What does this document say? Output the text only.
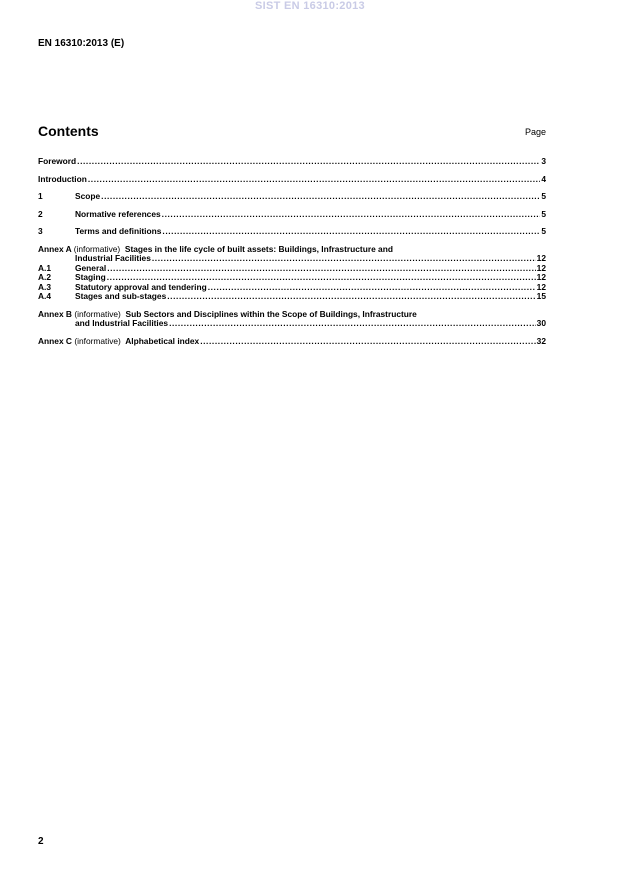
SIST EN 16310:2013
EN 16310:2013 (E)
Contents	Page
Foreword .....	3
Introduction .....	4
1	Scope .....	5
2	Normative references .....	5
3	Terms and definitions .....	5
Annex A (informative) Stages in the life cycle of built assets: Buildings, Infrastructure and
Industrial Facilities .....	12
A.1	General .....	12
A.2	Staging .....	12
A.3	Statutory approval and tendering .....	12
A.4	Stages and sub-stages .....	15
Annex B (informative) Sub Sectors and Disciplines within the Scope of Buildings, Infrastructure
and Industrial Facilities .....	30
Annex C (informative) Alphabetical index .....	32
2
